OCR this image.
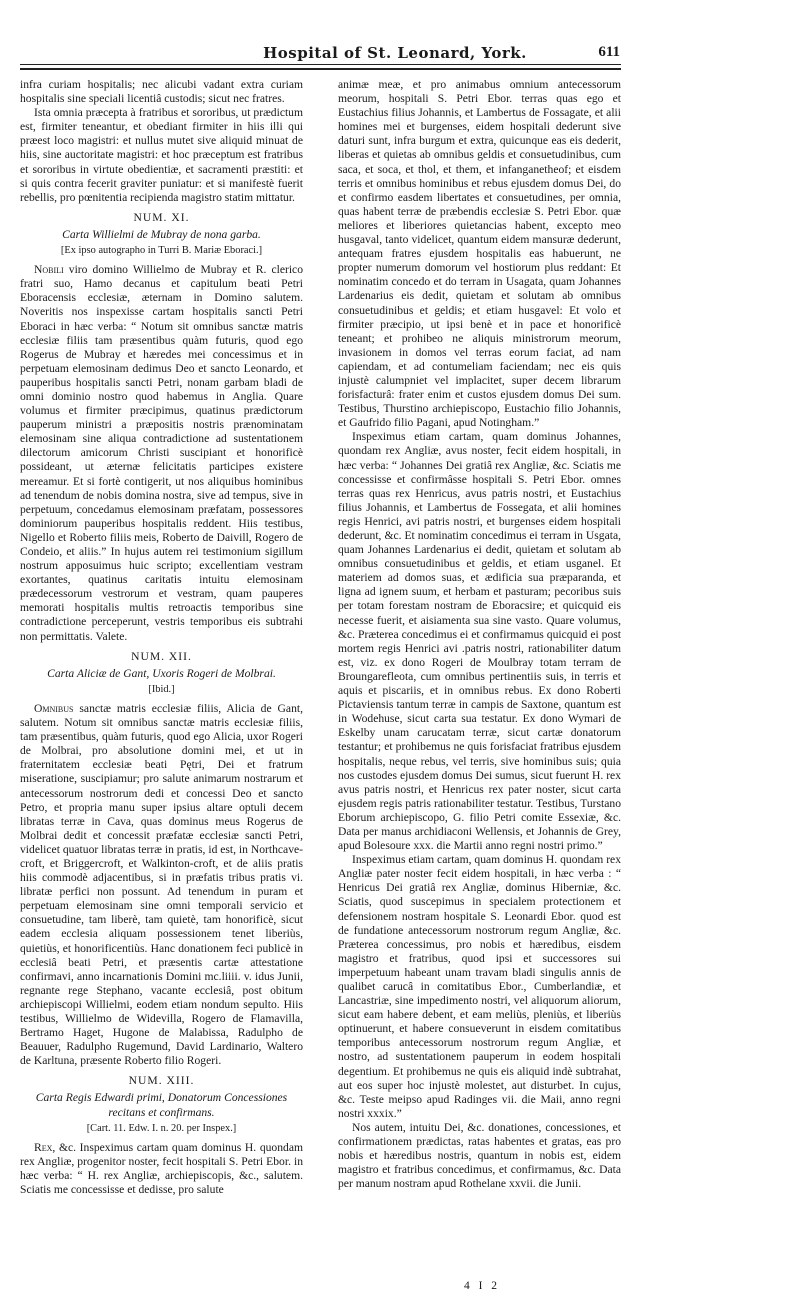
Hospital of St. Leonard, York.	611

infra curiam hospitalis; nec alicubi vadant extra curiam hospitalis sine speciali licentiâ custodis; sicut nec fratres.

Ista omnia præcepta à fratribus et sororibus, ut prædictum est, firmiter teneantur, et obediant firmiter in hiis illi qui præest loco magistri: et nullus mutet sive aliquid minuat de hiis, sine auctoritate magistri: et hoc præceptum est fratribus et sororibus in virtute obedientiæ, et sacramenti præstiti: et si quis contra fecerit graviter puniatur: et si manifestè fuerit rebellis, pro pœnitentia recipienda magistro statim mittatur.

NUM. XI.
Carta Willielmi de Mubray de nona garba.
[Ex ipso autographo in Turri B. Mariæ Eboraci.]

Nobili viro domino Willielmo de Mubray et R. clerico fratri suo, Hamo decanus et capitulum beati Petri Eboracensis ecclesiæ, æternam in Domino salutem. Noveritis nos inspexisse cartam hospitalis sancti Petri Eboraci in hæc verba: “ Notum sit omnibus sanctæ matris ecclesiæ filiis tam præsentibus quàm futuris, quod ego Rogerus de Mubray et hæredes mei concessimus et in perpetuam elemosinam dedimus Deo et sancto Leonardo, et pauperibus hospitalis sancti Petri, nonam garbam bladi de omni dominio nostro quod habemus in Anglia. Quare volumus et firmiter præcipimus, quatinus prædictorum pauperum ministri a præpositis nostris prænominatam elemosinam sine aliqua contradictione ad sustentationem dilectorum amicorum Christi suscipiant et honorificè possideant, ut æternæ felicitatis participes existere mereamur. Et si fortè contigerit, ut nos aliquibus hominibus ad tenendum de nobis domina nostra, sive ad tempus, sive in perpetuum, concedamus elemosinam præfatam, possessores dominiorum pauperibus hospitalis reddent. Hiis testibus, Nigello et Roberto filiis meis, Roberto de Daivill, Rogero de Condeio, et aliis.” In hujus autem rei testimonium sigillum nostrum apposuimus huic scripto; excellentiam vestram exortantes, quatinus caritatis intuitu elemosinam prædecessorum vestrorum et vestram, quam pauperes memorati hospitalis multis retroactis temporibus sine contradictione perceperunt, vestris temporibus eis subtrahi non permittatis. Valete.

NUM. XII.
Carta Aliciæ de Gant, Uxoris Rogeri de Molbrai.
[Ibid.]

Omnibus sanctæ matris ecclesiæ filiis, Alicia de Gant, salutem. Notum sit omnibus sanctæ matris ecclesiæ filiis, tam præsentibus, quàm futuris, quod ego Alicia, uxor Rogeri de Molbrai, pro absolutione domini mei, et ut in fraternitatem ecclesiæ beati Pętri, Dei et fratrum miseratione, suscipiamur; pro salute animarum nostrarum et antecessorum nostrorum dedi et concessi Deo et sancto Petro, et propria manu super ipsius altare optuli decem libratas terræ in Cava, quas dominus meus Rogerus de Molbrai dedit et concessit præfatæ ecclesiæ sancti Petri, videlicet quatuor libratas terræ in pratis, id est, in Northcave-croft, et Briggercroft, et Walkinton-croft, et de aliis pratis hiis commodè adjacentibus, si in præfatis tribus pratis vi. libratæ perfici non possunt. Ad tenendum in puram et perpetuam elemosinam sine omni temporali servicio et consuetudine, tam liberè, tam quietè, tam honorificè, sicut eadem ecclesia aliquam possessionem tenet liberiùs, quietiùs, et honorificentiùs. Hanc donationem feci publicè in ecclesiâ beati Petri, et præsentis cartæ attestatione confirmavi, anno incarnationis Domini mc.liiii. v. idus Junii, regnante rege Stephano, vacante ecclesiâ, post obitum archiepiscopi Willielmi, eodem etiam nondum sepulto. Hiis testibus, Willielmo de Widevilla, Rogero de Flamavilla, Bertramo Haget, Hugone de Malabissa, Radulpho de Beauuer, Radulpho Rugemund, David Lardinario, Waltero de Karltuna, præsente Roberto filio Rogeri.

NUM. XIII.
Carta Regis Edwardi primi, Donatorum Concessiones recitans et confirmans.
[Cart. 11. Edw. I. n. 20. per Inspex.]

Rex, &c. Inspeximus cartam quam dominus H. quondam rex Angliæ, progenitor noster, fecit hospitali S. Petri Ebor. in hæc verba: “ H. rex Angliæ, archiepiscopis, &c., salutem. Sciatis me concessisse et dedisse, pro salute

animæ meæ, et pro animabus omnium antecessorum meorum, hospitali S. Petri Ebor. terras quas ego et Eustachius filius Johannis, et Lambertus de Fossagate, et alii homines mei et burgenses, eidem hospitali dederunt sive daturi sunt, infra burgum et extra, quicunque eas eis dederit, liberas et quietas ab omnibus geldis et consuetudinibus, cum saca, et soca, et thol, et them, et infanganetheof; et eisdem terris et omnibus hominibus et rebus ejusdem domus Dei, do et confirmo easdem libertates et consuetudines, per omnia, quas habent terræ de præbendis ecclesiæ S. Petri Ebor. quæ meliores et liberiores quietancias habent, excepto meo husgaval, tanto videlicet, quantum eidem mansuræ dederunt, antequam fratres ejusdem hospitalis eas habuerunt, ne propter numerum domorum vel hostiorum plus reddant: Et nominatim concedo et do terram in Usagata, quam Johannes Lardenarius eis dedit, quietam et solutam ab omnibus consuetudinibus et geldis; et etiam husgavel: Et volo et firmiter præcipio, ut ipsi benè et in pace et honorificè teneant; et prohibeo ne aliquis ministrorum meorum, invasionem in domos vel terras eorum faciat, ad nam capiendam, et ad contumeliam faciendam; nec eis quis injustè calumpniet vel implacitet, super decem librarum forisfacturâ: frater enim et custos ejusdem domus Dei sum. Testibus, Thurstino archiepiscopo, Eustachio filio Johannis, et Gaufrido filio Pagani, apud Notingham.”

Inspeximus etiam cartam, quam dominus Johannes, quondam rex Angliæ, avus noster, fecit eidem hospitali, in hæc verba: “ Johannes Dei gratiâ rex Angliæ, &c. Sciatis me concessisse et confirmâsse hospitali S. Petri Ebor. omnes terras quas rex Henricus, avus patris nostri, et Eustachius filius Johannis, et Lambertus de Fossegata, et alii homines regis Henrici, avi patris nostri, et burgenses eidem hospitali dederunt, &c. Et nominatim concedimus ei terram in Usgata, quam Johannes Lardenarius ei dedit, quietam et solutam ab omnibus consuetudinibus et geldis, et etiam usganel. Et materiem ad domos suas, et ædificia sua præparanda, et ligna ad ignem suum, et herbam et pasturam; pecoribus suis per totam forestam nostram de Eboracsire; et quicquid eis necesse fuerit, et aisiamenta sua sine vasto. Quare volumus, &c. Præterea concedimus ei et confirmamus quicquid ei post mortem regis Henrici avi .patris nostri, rationabiliter datum est, viz. ex dono Rogeri de Moulbray totam terram de Broungarefleota, cum omnibus pertinentiis suis, in terris et aquis et piscariis, et in omnibus rebus. Ex dono Roberti Pictaviensis tantum terræ in campis de Saxtone, quantum est in Wodehuse, sicut carta sua testatur. Ex dono Wymari de Eskelby unam carucatam terræ, sicut cartæ donatorum testantur; et prohibemus ne quis forisfaciat fratribus ejusdem hospitalis, neque rebus, vel terris, sive hominibus suis; quia nos custodes ejusdem domus Dei sumus, sicut fuerunt H. rex avus patris nostri, et Henricus rex pater noster, sicut carta ejusdem regis patris rationabiliter testatur. Testibus, Turstano Eborum archiepiscopo, G. filio Petri comite Essexiæ, &c. Data per manus archidiaconi Wellensis, et Johannis de Grey, apud Bolesoure xxx. die Martii anno regni nostri primo.”

Inspeximus etiam cartam, quam dominus H. quondam rex Angliæ pater noster fecit eidem hospitali, in hæc verba : “ Henricus Dei gratiâ rex Angliæ, dominus Hiberniæ, &c. Sciatis, quod suscepimus in specialem protectionem et defensionem nostram hospitale S. Leonardi Ebor. quod est de fundatione antecessorum nostrorum regum Angliæ, &c. Præterea concessimus, pro nobis et hæredibus, eisdem magistro et fratribus, quod ipsi et successores sui imperpetuum habeant unam travam bladi singulis annis de qualibet carucâ in comitatibus Ebor., Cumberlandiæ, et Lancastriæ, sine impedimento nostri, vel aliquorum aliorum, sicut eam habere debent, et eam meliùs, pleniùs, et liberiùs optinuerunt, et habere consueverunt in eisdem comitatibus temporibus antecessorum nostrorum regum Angliæ, et nostro, ad sustentationem pauperum in eodem hospitali degentium. Et prohibemus ne quis eis aliquid indè subtrahat, aut eos super hoc injustè molestet, aut disturbet. In cujus, &c. Teste meipso apud Radinges vii. die Maii, anno regni nostri xxxix.”

Nos autem, intuitu Dei, &c. donationes, concessiones, et confirmationem prædictas, ratas habentes et gratas, eas pro nobis et hæredibus nostris, quantum in nobis est, eidem magistro et fratribus concedimus, et confirmamus, &c. Data per manum nostram apud Rothelane xxvii. die Junii.

4 I 2
